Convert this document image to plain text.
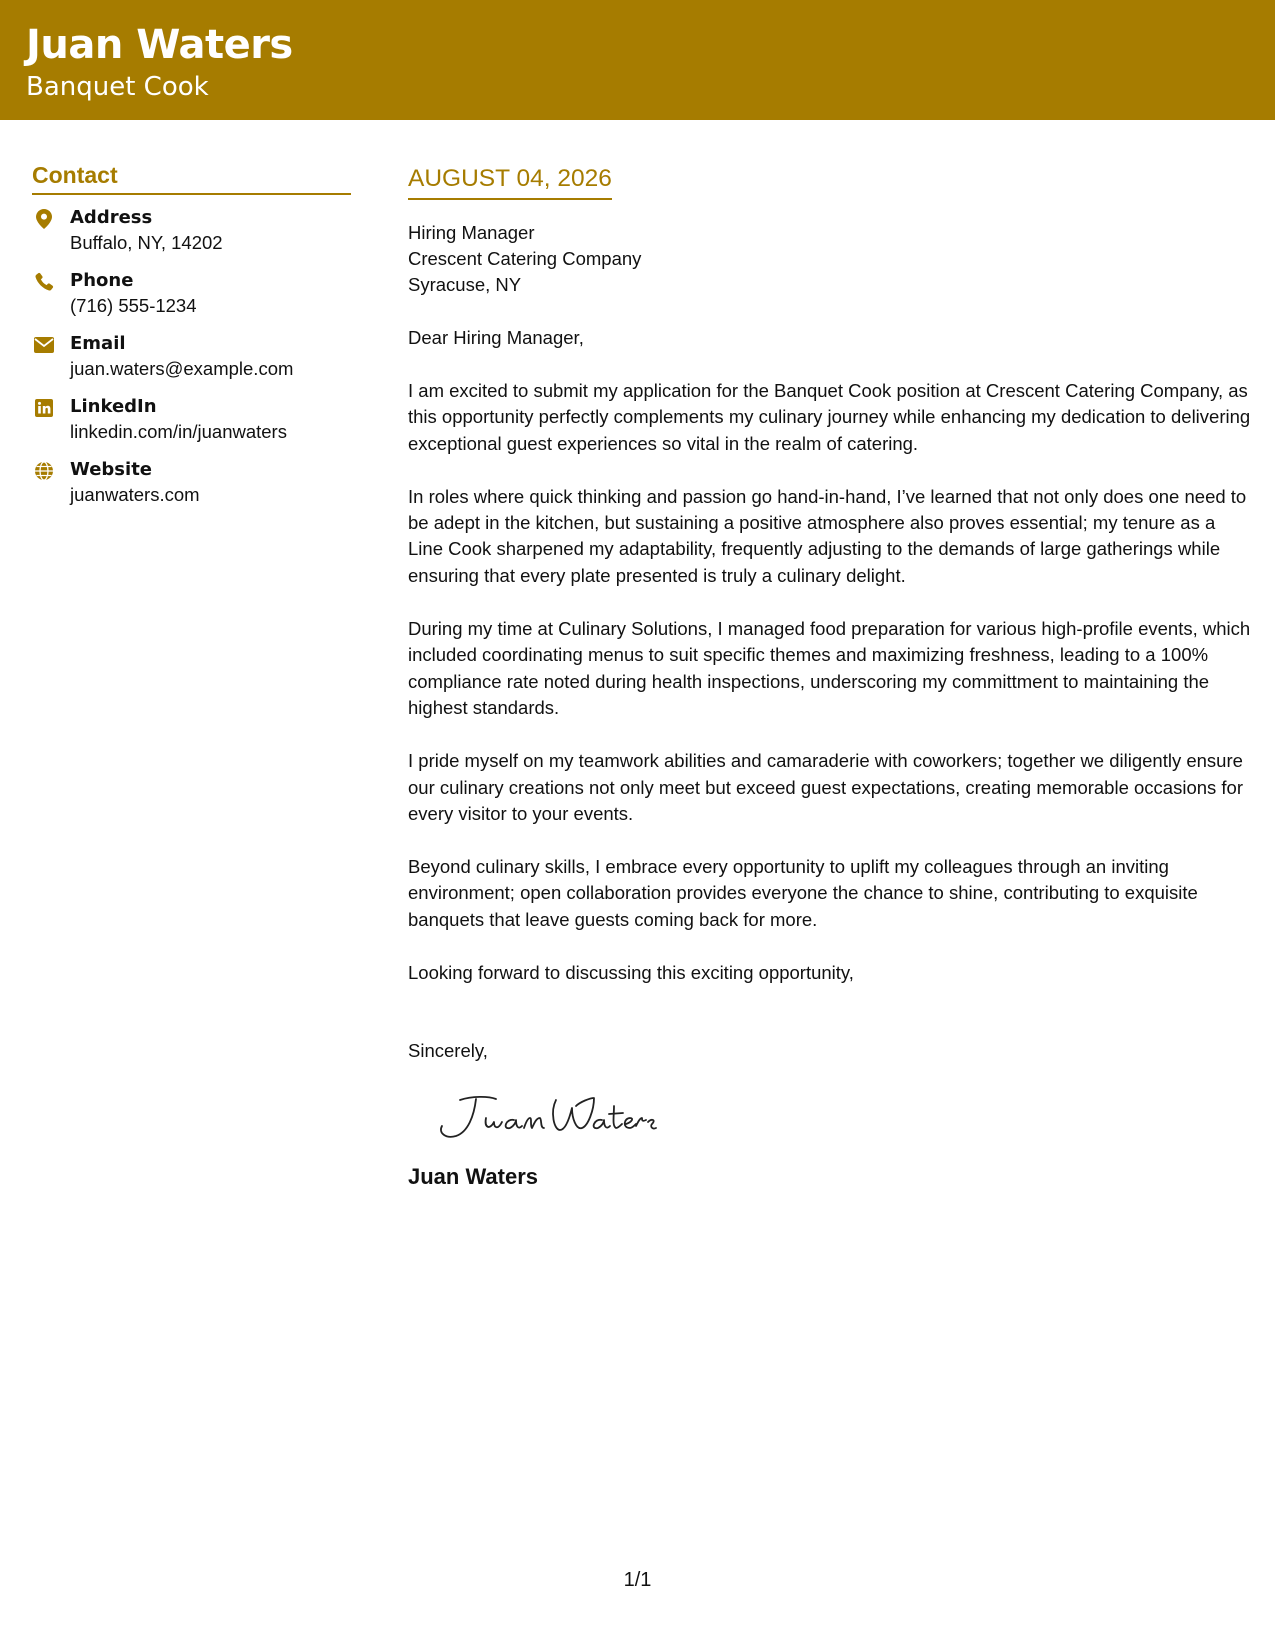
Juan Waters
Banquet Cook
Contact
Address
Buffalo, NY, 14202
Phone
(716) 555-1234
Email
juan.waters@example.com
LinkedIn
linkedin.com/in/juanwaters
Website
juanwaters.com
AUGUST 04, 2026
Hiring Manager
Crescent Catering Company
Syracuse, NY
Dear Hiring Manager,
I am excited to submit my application for the Banquet Cook position at Crescent Catering Company, as this opportunity perfectly complements my culinary journey while enhancing my dedication to delivering exceptional guest experiences so vital in the realm of catering.
In roles where quick thinking and passion go hand-in-hand, I’ve learned that not only does one need to be adept in the kitchen, but sustaining a positive atmosphere also proves essential; my tenure as a Line Cook sharpened my adaptability, frequently adjusting to the demands of large gatherings while ensuring that every plate presented is truly a culinary delight.
During my time at Culinary Solutions, I managed food preparation for various high-profile events, which included coordinating menus to suit specific themes and maximizing freshness, leading to a 100% compliance rate noted during health inspections, underscoring my committment to maintaining the highest standards.
I pride myself on my teamwork abilities and camaraderie with coworkers; together we diligently ensure our culinary creations not only meet but exceed guest expectations, creating memorable occasions for every visitor to your events.
Beyond culinary skills, I embrace every opportunity to uplift my colleagues through an inviting environment; open collaboration provides everyone the chance to shine, contributing to exquisite banquets that leave guests coming back for more.
Looking forward to discussing this exciting opportunity,
Sincerely,
Juan Waters
1/1
